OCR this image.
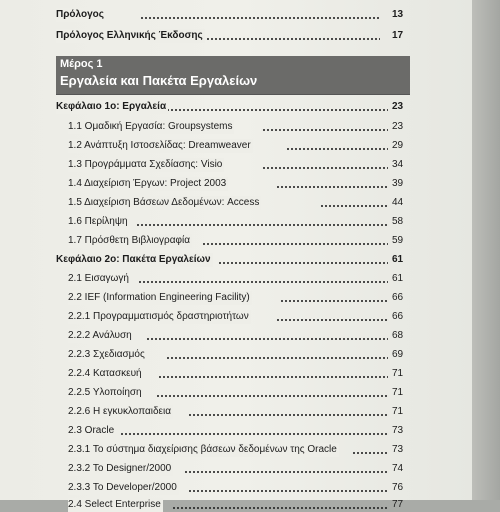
Πρόλογος	13
Πρόλογος Ελληνικής Έκδοσης	17
Μέρος 1
Εργαλεία και Πακέτα Εργαλείων
Κεφάλαιο 1ο: Εργαλεία	23
1.1 Ομαδική Εργασία: Groupsystems	23
1.2 Ανάπτυξη Ιστοσελίδας: Dreamweaver	29
1.3 Προγράμματα Σχεδίασης: Visio	34
1.4 Διαχείριση Έργων: Project 2003	39
1.5 Διαχείριση Βάσεων Δεδομένων: Access	44
1.6 Περίληψη	58
1.7 Πρόσθετη Βιβλιογραφία	59
Κεφάλαιο 2ο: Πακέτα Εργαλείων	61
2.1 Εισαγωγή	61
2.2 IEF (Information Engineering Facility)	66
2.2.1 Προγραμματισμός δραστηριοτήτων	66
2.2.2 Ανάλυση	68
2.2.3 Σχεδιασμός	69
2.2.4 Κατασκευή	71
2.2.5 Υλοποίηση	71
2.2.6 Η εγκυκλοπαιδεια	71
2.3 Oracle	73
2.3.1 Το σύστημα διαχείρισης βάσεων δεδομένων της Oracle	73
2.3.2 Το Designer/2000	74
2.3.3 Το Developer/2000	76
2.4 Select Enterprise	77
